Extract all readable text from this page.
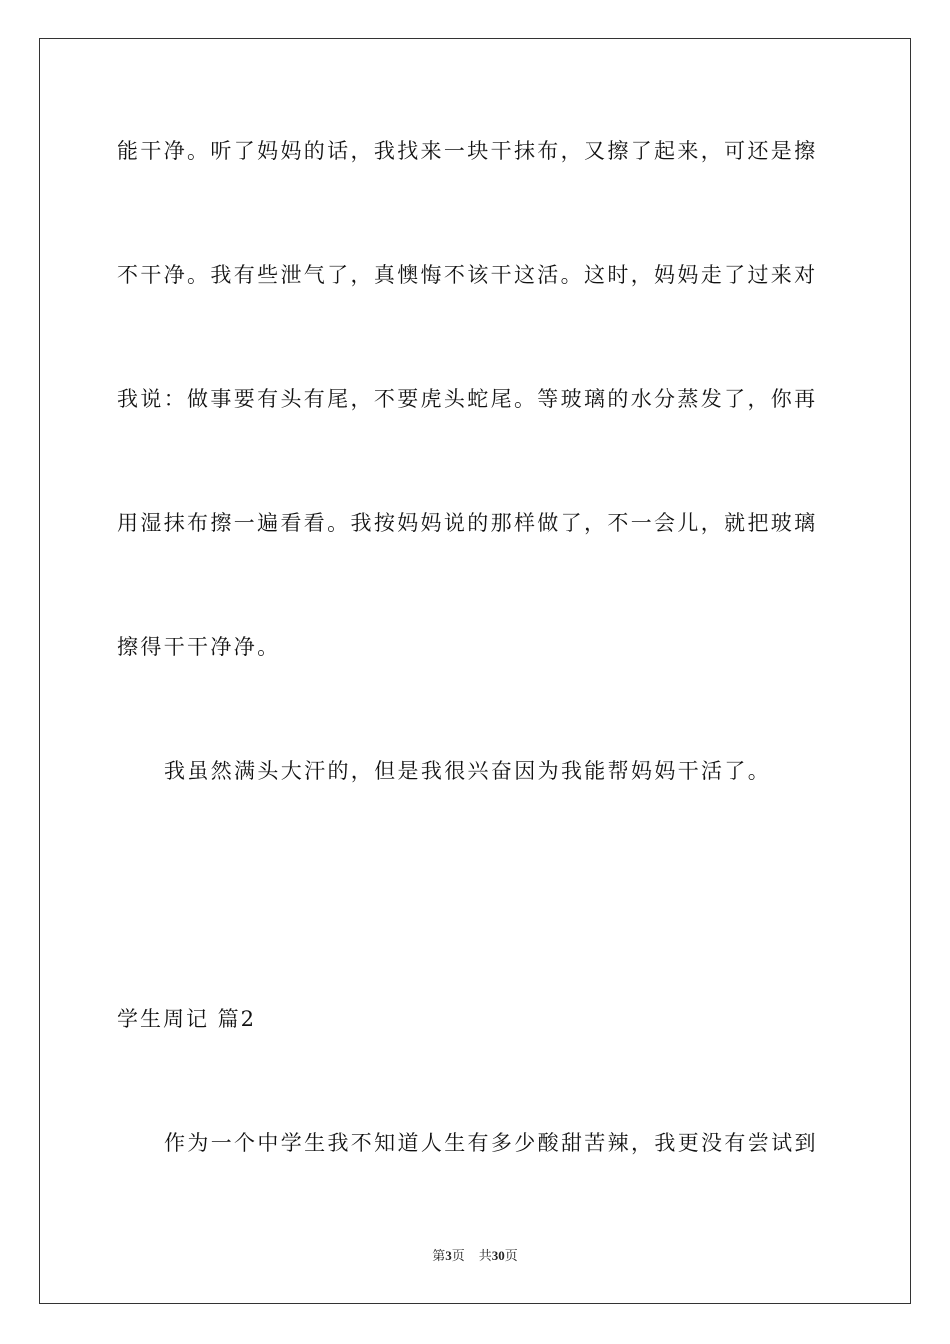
能干净。听了妈妈的话，我找来一块干抹布，又擦了起来，可还是擦
不干净。我有些泄气了，真懊悔不该干这活。这时，妈妈走了过来对
我说：做事要有头有尾，不要虎头蛇尾。等玻璃的水分蒸发了，你再
用湿抹布擦一遍看看。我按妈妈说的那样做了，不一会儿，就把玻璃
擦得干干净净。
我虽然满头大汗的，但是我很兴奋因为我能帮妈妈干活了。
学生周记 篇2
作为一个中学生我不知道人生有多少酸甜苦辣，我更没有尝试到
第3页 共30页
